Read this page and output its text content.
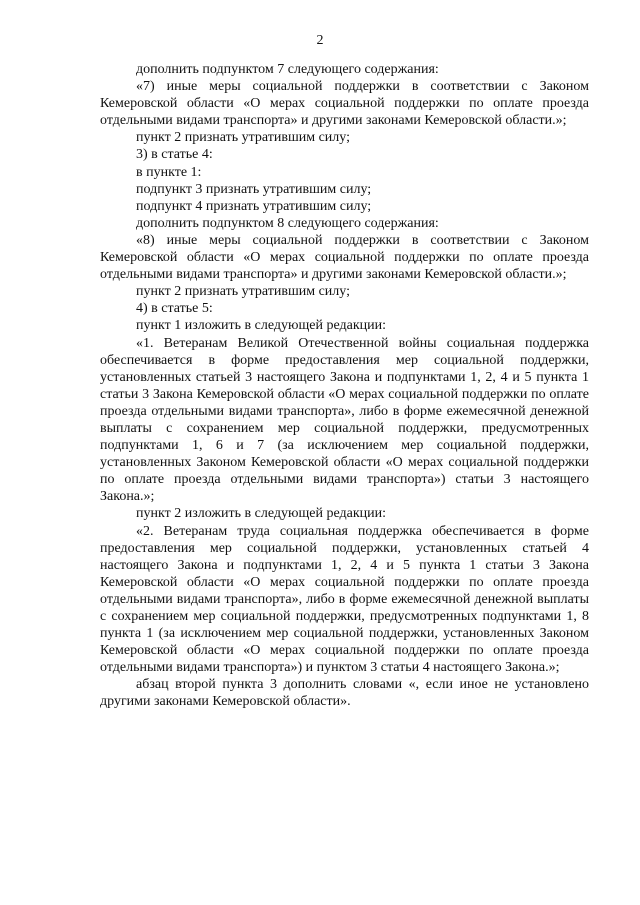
2

дополнить подпунктом 7 следующего содержания:

«7) иные меры социальной поддержки в соответствии с Законом Кемеровской области «О мерах социальной поддержки по оплате проезда отдельными видами транспорта» и другими законами Кемеровской области.»;

пункт 2 признать утратившим силу;

3) в статье 4:

в пункте 1:

подпункт 3 признать утратившим силу;

подпункт 4 признать утратившим силу;

дополнить подпунктом 8 следующего содержания:

«8) иные меры социальной поддержки в соответствии с Законом Кемеровской области «О мерах социальной поддержки по оплате проезда отдельными видами транспорта» и другими законами Кемеровской области.»;

пункт 2 признать утратившим силу;

4) в статье 5:

пункт 1 изложить в следующей редакции:

«1. Ветеранам Великой Отечественной войны социальная поддержка обеспечивается в форме предоставления мер социальной поддержки, установленных статьей 3 настоящего Закона и подпунктами 1, 2, 4 и 5 пункта 1 статьи 3 Закона Кемеровской области «О мерах социальной поддержки по оплате проезда отдельными видами транспорта», либо в форме ежемесячной денежной выплаты с сохранением мер социальной поддержки, предусмотренных подпунктами 1, 6 и 7 (за исключением мер социальной поддержки, установленных Законом Кемеровской области «О мерах социальной поддержки по оплате проезда отдельными видами транспорта») статьи 3 настоящего Закона.»;

пункт 2 изложить в следующей редакции:

«2. Ветеранам труда социальная поддержка обеспечивается в форме предоставления мер социальной поддержки, установленных статьей 4 настоящего Закона и подпунктами 1, 2, 4 и 5 пункта 1 статьи 3 Закона Кемеровской области «О мерах социальной поддержки по оплате проезда отдельными видами транспорта», либо в форме ежемесячной денежной выплаты с сохранением мер социальной поддержки, предусмотренных подпунктами 1, 8 пункта 1 (за исключением мер социальной поддержки, установленных Законом Кемеровской области «О мерах социальной поддержки по оплате проезда отдельными видами транспорта») и пунктом 3 статьи 4 настоящего Закона.»;

абзац второй пункта 3 дополнить словами «, если иное не установлено другими законами Кемеровской области».
